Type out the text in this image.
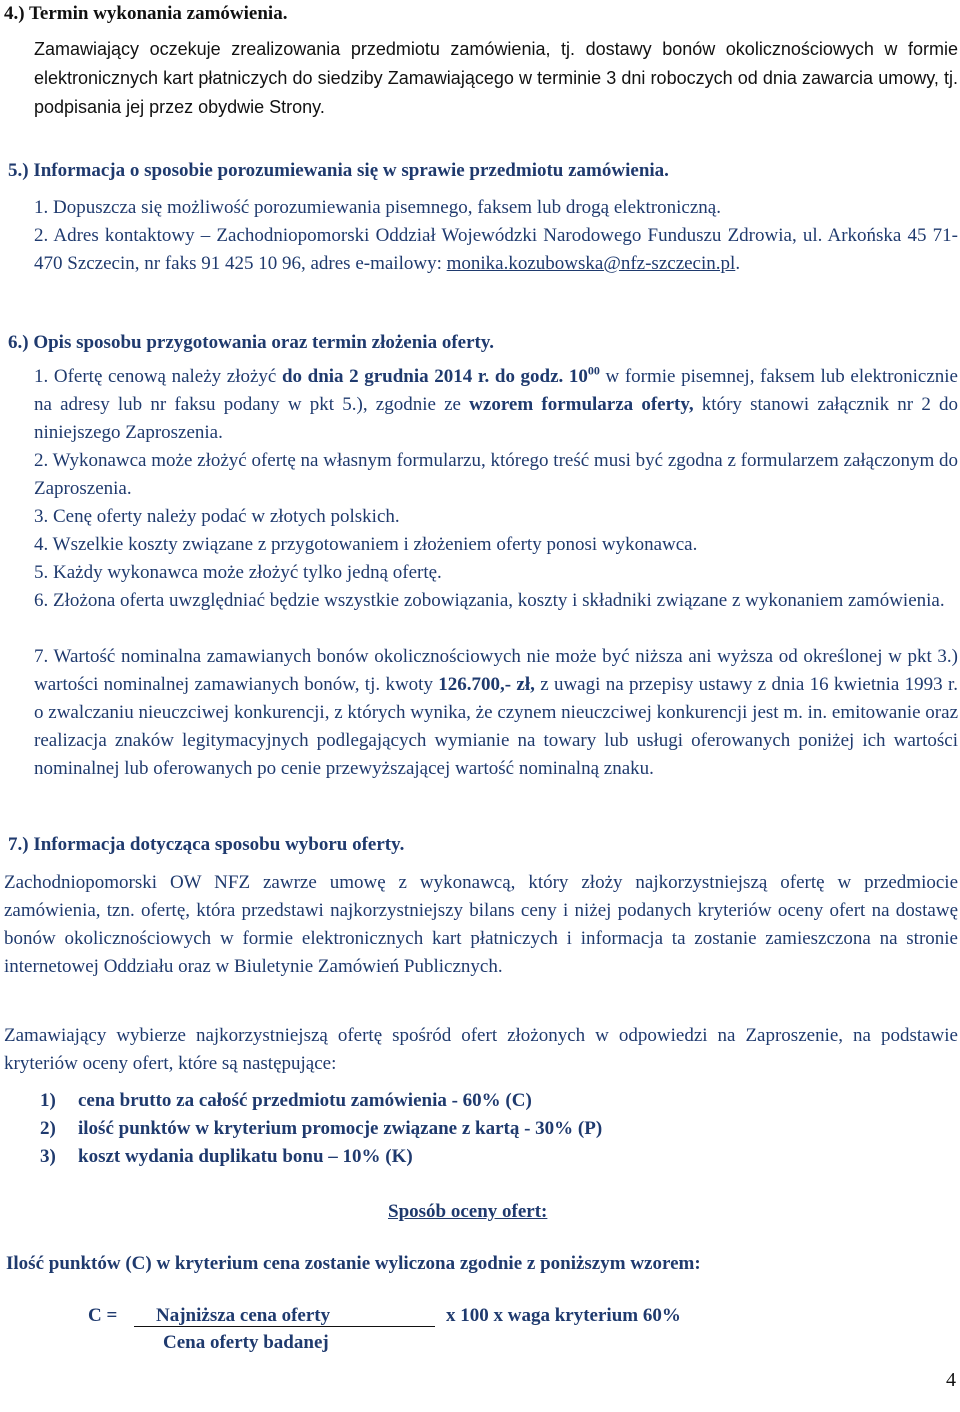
4.) Termin wykonania zamówienia.

Zamawiający oczekuje zrealizowania przedmiotu zamówienia, tj. dostawy bonów okolicznościowych w formie elektronicznych kart płatniczych do siedziby Zamawiającego w terminie 3 dni roboczych od dnia zawarcia umowy, tj. podpisania jej przez obydwie Strony.

5.) Informacja o sposobie porozumiewania się w sprawie przedmiotu zamówienia.
1. Dopuszcza się możliwość porozumiewania pisemnego, faksem lub drogą elektroniczną.

2. Adres kontaktowy – Zachodniopomorski Oddział Wojewódzki Narodowego Funduszu Zdrowia, ul. Arkońska 45 71-470 Szczecin, nr faks 91 425 10 96, adres e-mailowy: monika.kozubowska@nfz-szczecin.pl.

6.) Opis sposobu przygotowania oraz termin złożenia oferty.

1. Ofertę cenową należy złożyć do dnia 2 grudnia 2014 r. do godz. $10^{00}$ w formie pisemnej, faksem lub elektronicznie na adresy lub nr faksu podany w pkt 5.), zgodnie ze wzorem formularza oferty, który stanowi załącznik nr 2 do niniejszego Zaproszenia.

2. Wykonawca może złożyć ofertę na własnym formularzu, którego treść musi być zgodna z formularzem załączonym do Zaproszenia.

3. Cenę oferty należy podać w złotych polskich.
4. Wszelkie koszty związane z przygotowaniem i złożeniem oferty ponosi wykonawca.
5. Każdy wykonawca może złożyć tylko jedną ofertę.

6. Złożona oferta uwzględniać będzie wszystkie zobowiązania, koszty i składniki związane z wykonaniem zamówienia.

7. Wartość nominalna zamawianych bonów okolicznościowych nie może być niższa ani wyższa od określonej w pkt 3.) wartości nominalnej zamawianych bonów, tj. kwoty 126.700,- zł, z uwagi na przepisy ustawy z dnia 16 kwietnia 1993 r. o zwalczaniu nieuczciwej konkurencji, z których wynika, że czynem nieuczciwej konkurencji jest m. in. emitowanie oraz realizacja znaków legitymacyjnych podlegających wymianie na towary lub usługi oferowanych poniżej ich wartości nominalnej lub oferowanych po cenie przewyższającej wartość nominalną znaku.

7.) Informacja dotycząca sposobu wyboru oferty.

Zachodniopomorski OW NFZ zawrze umowę z wykonawcą, który złoży najkorzystniejszą ofertę w przedmiocie zamówienia, tzn. ofertę, która przedstawi najkorzystniejszy bilans ceny i niżej podanych kryteriów oceny ofert na dostawę bonów okolicznościowych w formie elektronicznych kart płatniczych i informacja ta zostanie zamieszczona na stronie internetowej Oddziału oraz w Biuletynie Zamówień Publicznych.

Zamawiający wybierze najkorzystniejszą ofertę spośród ofert złożonych w odpowiedzi na Zaproszenie, na podstawie kryteriów oceny ofert, które są następujące:

1) cena brutto za całość przedmiotu zamówienia - 60% (C)
2) ilość punktów w kryterium promocje związane z kartą - 30% (P)
3) koszt wydania duplikatu bonu – 10% (K)
Sposób oceny ofert:
Ilość punktów (C) w kryterium cena zostanie wyliczona zgodnie z poniższym wzorem:
C = Najniższa cena oferty	x 100 x waga kryterium 60%
Cena oferty badanej
4
